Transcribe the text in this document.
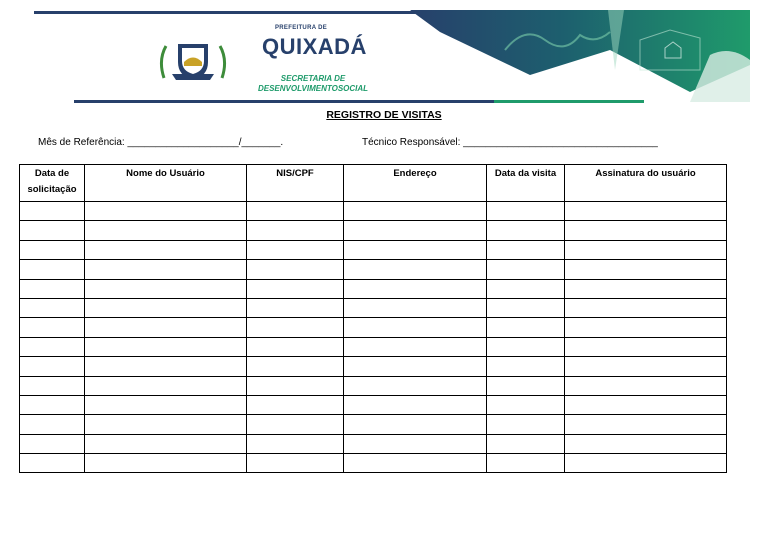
PREFEITURA DE
QUIXADÁ
SECRETARIA DE
DESENVOLVIMENTOSOCIAL
REGISTRO DE VISITAS
Mês de Referência: ____________________/_______.	Técnico Responsável: ___________________________________
Data de solicitação	Nome do Usuário	NIS/CPF	Endereço	Data da visita	Assinatura do usuário
